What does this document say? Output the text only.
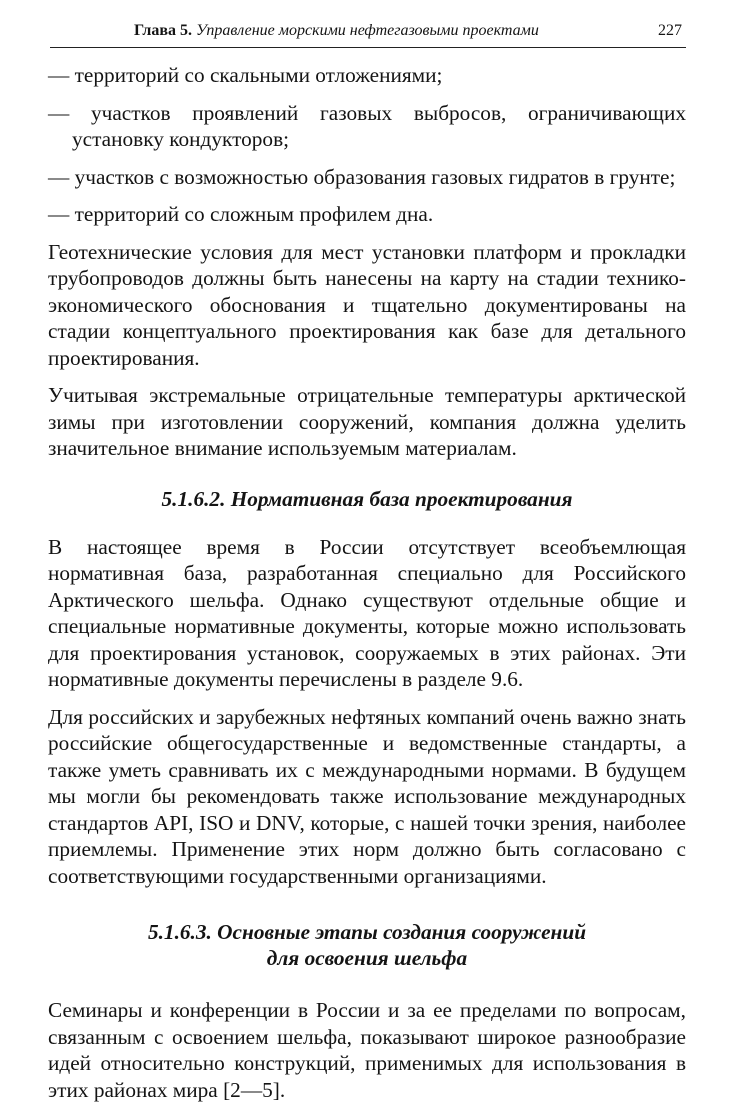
Глава 5. Управление морскими нефтегазовыми проектами	227

— территорий со скальными отложениями;

— участков проявлений газовых выбросов, ограничивающих установку кондукторов;

— участков с возможностью образования газовых гидратов в грунте;

— территорий со сложным профилем дна.

Геотехнические условия для мест установки платформ и прокладки трубопроводов должны быть нанесены на карту на стадии технико-экономического обоснования и тщательно документированы на стадии концептуального проектирования как базе для детального проектирования.

Учитывая экстремальные отрицательные температуры арктической зимы при изготовлении сооружений, компания должна уделить значительное внимание используемым материалам.

5.1.6.2. Нормативная база проектирования

В настоящее время в России отсутствует всеобъемлющая нормативная база, разработанная специально для Российского Арктического шельфа. Однако существуют отдельные общие и специальные нормативные документы, которые можно использовать для проектирования установок, сооружаемых в этих районах. Эти нормативные документы перечислены в разделе 9.6.

Для российских и зарубежных нефтяных компаний очень важно знать российские общегосударственные и ведомственные стандарты, а также уметь сравнивать их с международными нормами. В будущем мы могли бы рекомендовать также использование международных стандартов API, ISO и DNV, которые, с нашей точки зрения, наиболее приемлемы. Применение этих норм должно быть согласовано с соответствующими государственными организациями.

5.1.6.3. Основные этапы создания сооружений
для освоения шельфа

Семинары и конференции в России и за ее пределами по вопросам, связанным с освоением шельфа, показывают широкое разнообразие идей относительно конструкций, применимых для использования в этих районах мира [2—5].
